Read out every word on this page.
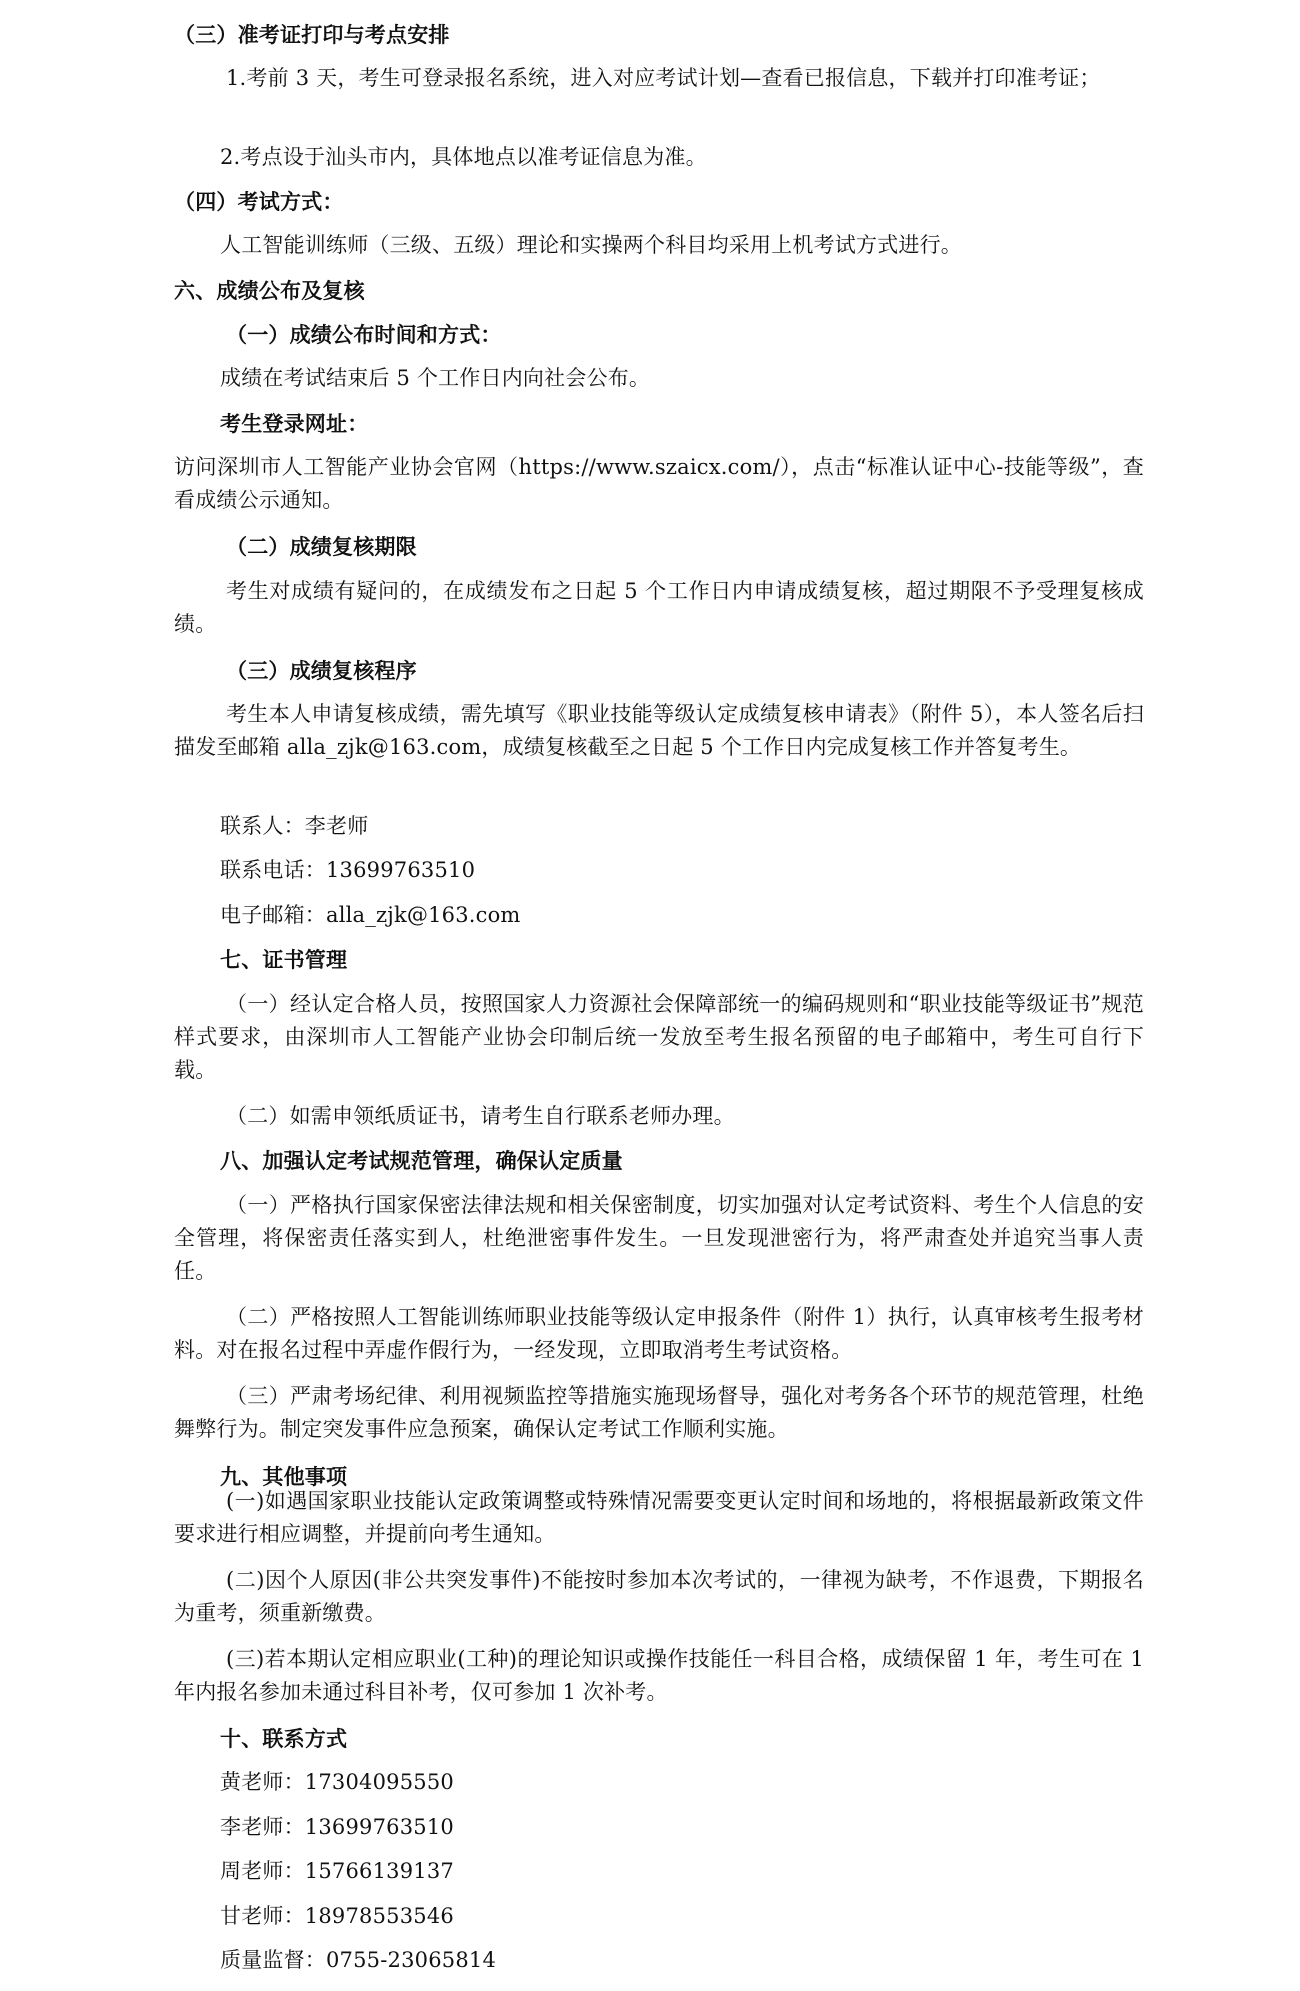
（三）准考证打印与考点安排

1.考前 3 天，考生可登录报名系统，进入对应考试计划—查看已报信息，下载并打印准考证；

2.考点设于汕头市内，具体地点以准考证信息为准。

（四）考试方式：

人工智能训练师（三级、五级）理论和实操两个科目均采用上机考试方式进行。

六、成绩公布及复核

（一）成绩公布时间和方式：

成绩在考试结束后 5 个工作日内向社会公布。

考生登录网址：

访问深圳市人工智能产业协会官网（https://www.szaicx.com/），点击“标准认证中心-技能等级”，查看成绩公示通知。

（二）成绩复核期限

考生对成绩有疑问的，在成绩发布之日起 5 个工作日内申请成绩复核，超过期限不予受理复核成绩。

（三）成绩复核程序

考生本人申请复核成绩，需先填写《职业技能等级认定成绩复核申请表》（附件 5），本人签名后扫描发至邮箱 alla_zjk@163.com，成绩复核截至之日起 5 个工作日内完成复核工作并答复考生。

联系人：李老师

联系电话：13699763510

电子邮箱：alla_zjk@163.com

七、证书管理

（一）经认定合格人员，按照国家人力资源社会保障部统一的编码规则和“职业技能等级证书”规范样式要求，由深圳市人工智能产业协会印制后统一发放至考生报名预留的电子邮箱中，考生可自行下载。

（二）如需申领纸质证书，请考生自行联系老师办理。

八、加强认定考试规范管理，确保认定质量

（一）严格执行国家保密法律法规和相关保密制度，切实加强对认定考试资料、考生个人信息的安全管理，将保密责任落实到人，杜绝泄密事件发生。一旦发现泄密行为，将严肃查处并追究当事人责任。

（二）严格按照人工智能训练师职业技能等级认定申报条件（附件 1）执行，认真审核考生报考材料。对在报名过程中弄虚作假行为，一经发现，立即取消考生考试资格。

（三）严肃考场纪律、利用视频监控等措施实施现场督导，强化对考务各个环节的规范管理，杜绝舞弊行为。制定突发事件应急预案，确保认定考试工作顺利实施。

九、其他事项

(一)如遇国家职业技能认定政策调整或特殊情况需要变更认定时间和场地的，将根据最新政策文件要求进行相应调整，并提前向考生通知。

(二)因个人原因(非公共突发事件)不能按时参加本次考试的，一律视为缺考，不作退费，下期报名为重考，须重新缴费。

(三)若本期认定相应职业(工种)的理论知识或操作技能任一科目合格，成绩保留 1 年，考生可在 1 年内报名参加未通过科目补考，仅可参加 1 次补考。

十、联系方式

黄老师：17304095550

李老师：13699763510

周老师：15766139137

甘老师：18978553546

质量监督：0755-23065814
